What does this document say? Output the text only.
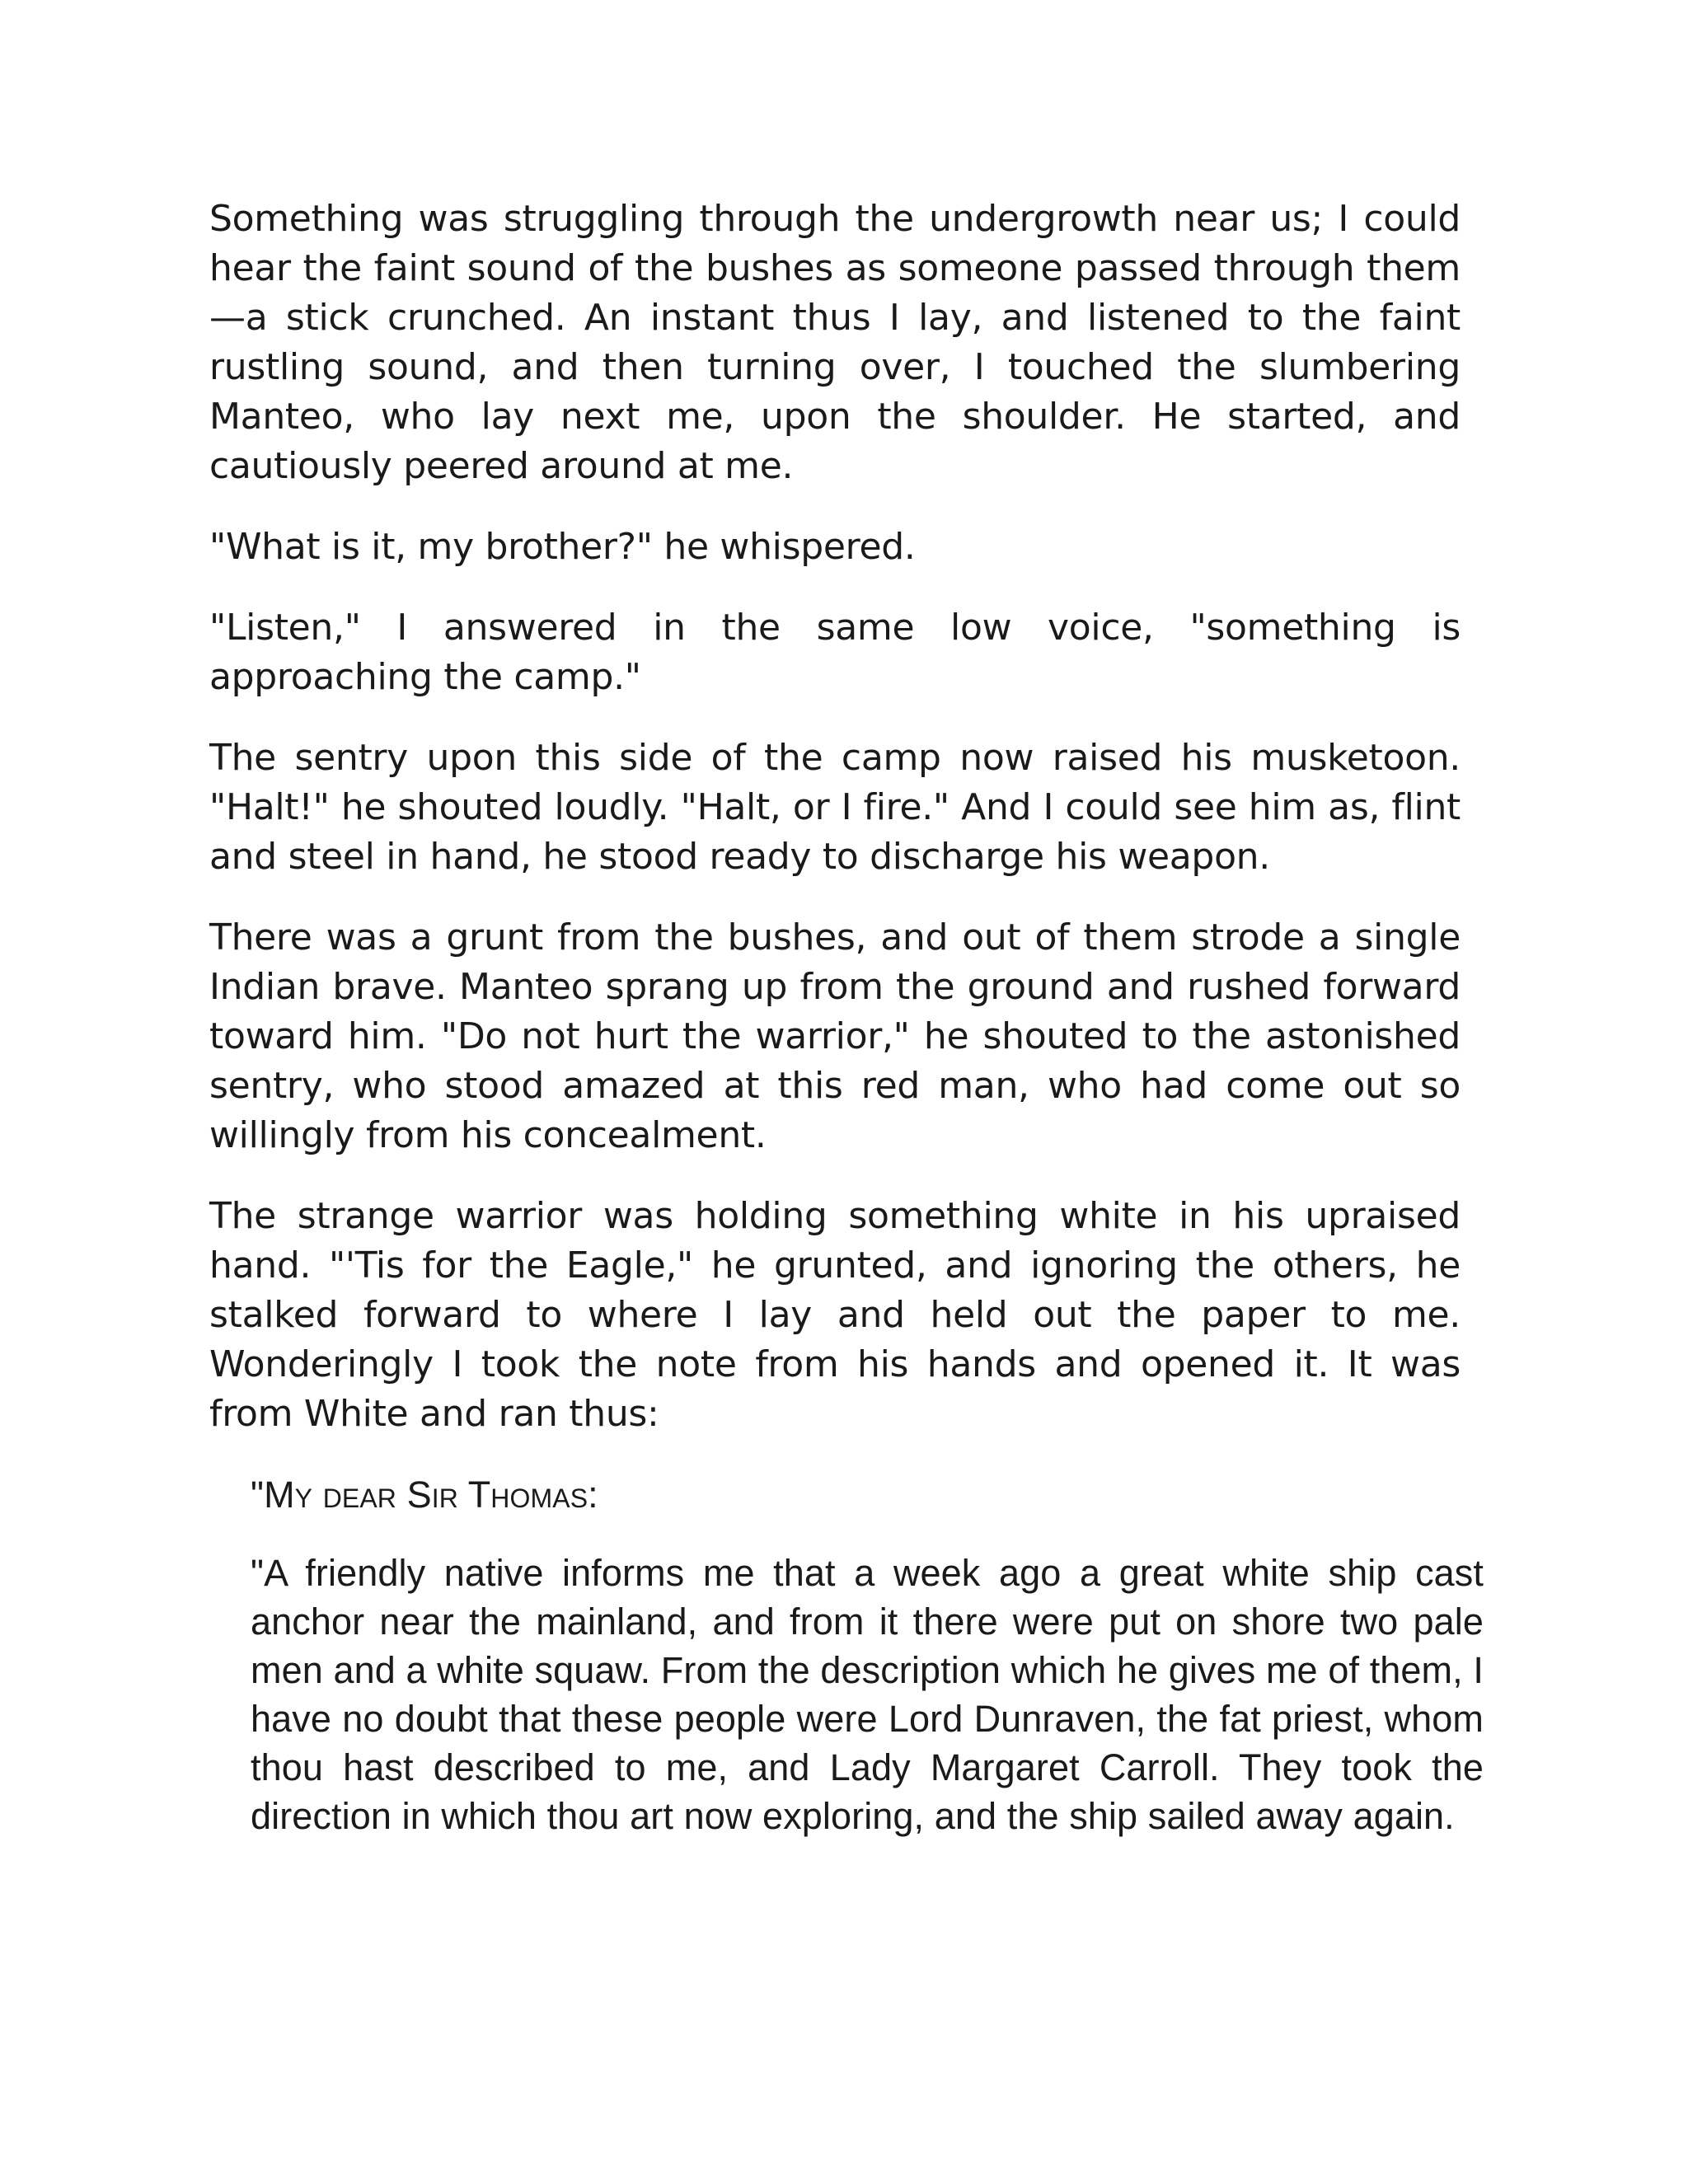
Something was struggling through the undergrowth near us; I could hear the faint sound of the bushes as someone passed through them —a stick crunched. An instant thus I lay, and listened to the faint rustling sound, and then turning over, I touched the slumbering Manteo, who lay next me, upon the shoulder. He started, and cautiously peered around at me.

"What is it, my brother?" he whispered.

"Listen," I answered in the same low voice, "something is approaching the camp."

The sentry upon this side of the camp now raised his musketoon. "Halt!" he shouted loudly. "Halt, or I fire." And I could see him as, flint and steel in hand, he stood ready to discharge his weapon.

There was a grunt from the bushes, and out of them strode a single Indian brave. Manteo sprang up from the ground and rushed forward toward him. "Do not hurt the warrior," he shouted to the astonished sentry, who stood amazed at this red man, who had come out so willingly from his concealment.

The strange warrior was holding something white in his upraised hand. "'Tis for the Eagle," he grunted, and ignoring the others, he stalked forward to where I lay and held out the paper to me. Wonderingly I took the note from his hands and opened it. It was from White and ran thus:

"My dear Sir Thomas:

"A friendly native informs me that a week ago a great white ship cast anchor near the mainland, and from it there were put on shore two pale men and a white squaw. From the description which he gives me of them, I have no doubt that these people were Lord Dunraven, the fat priest, whom thou hast described to me, and Lady Margaret Carroll. They took the direction in which thou art now exploring, and the ship sailed away again.
